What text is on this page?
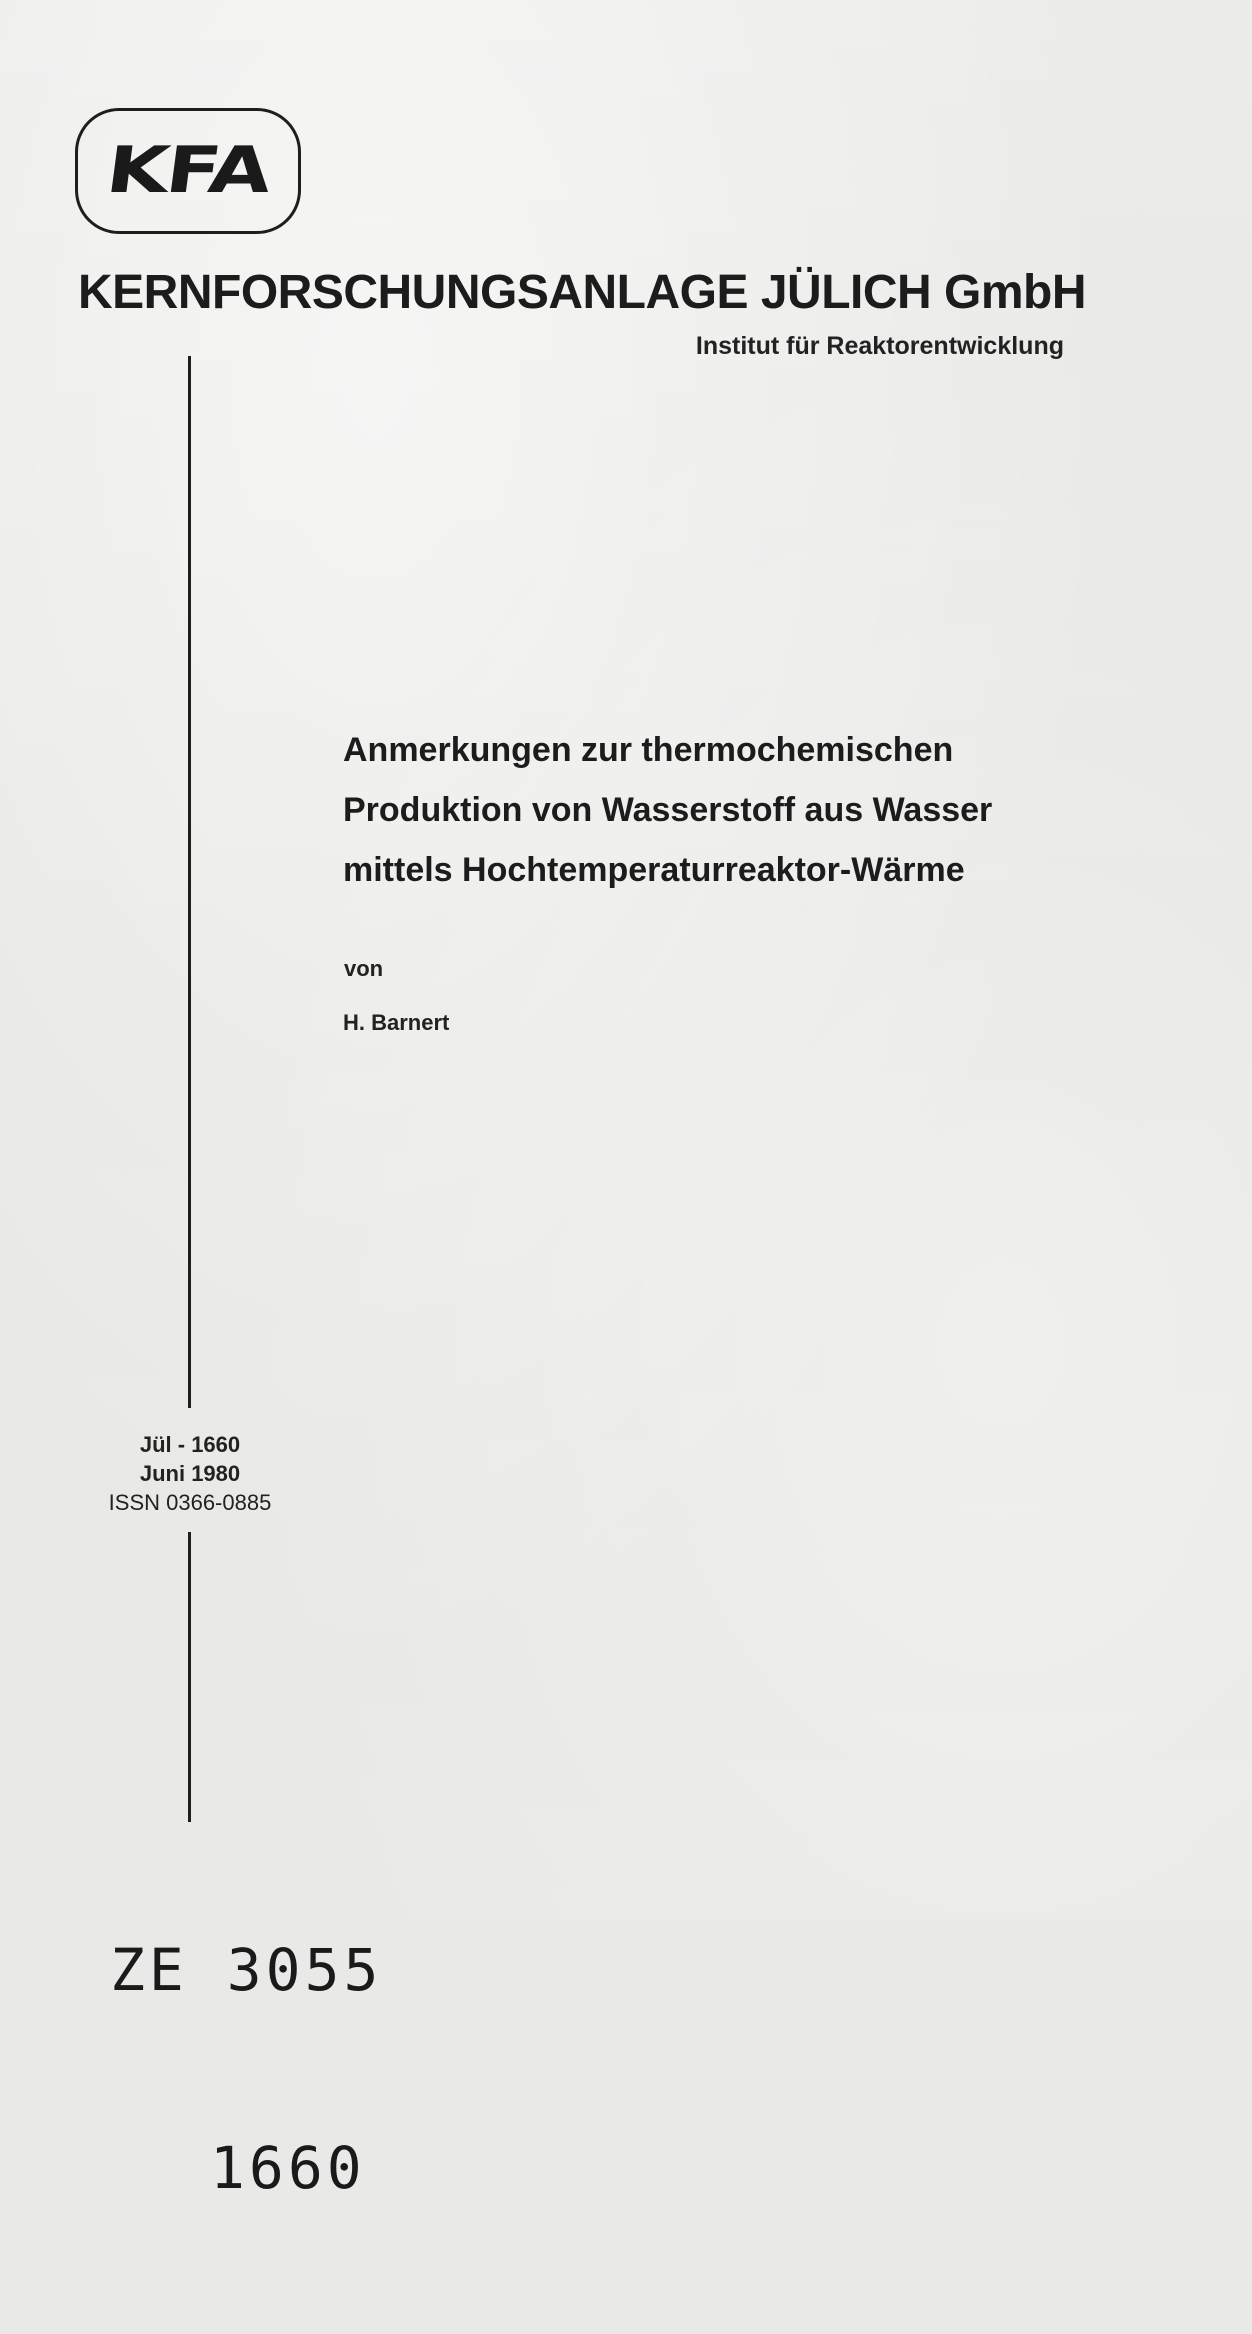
KFA
KERNFORSCHUNGSANLAGE JÜLICH GmbH
Institut für Reaktorentwicklung
Anmerkungen zur thermochemischen
Produktion von Wasserstoff aus Wasser
mittels Hochtemperaturreaktor-Wärme
von
H. Barnert
Jül - 1660
Juni 1980
ISSN 0366-0885

ZE 3055

1660
